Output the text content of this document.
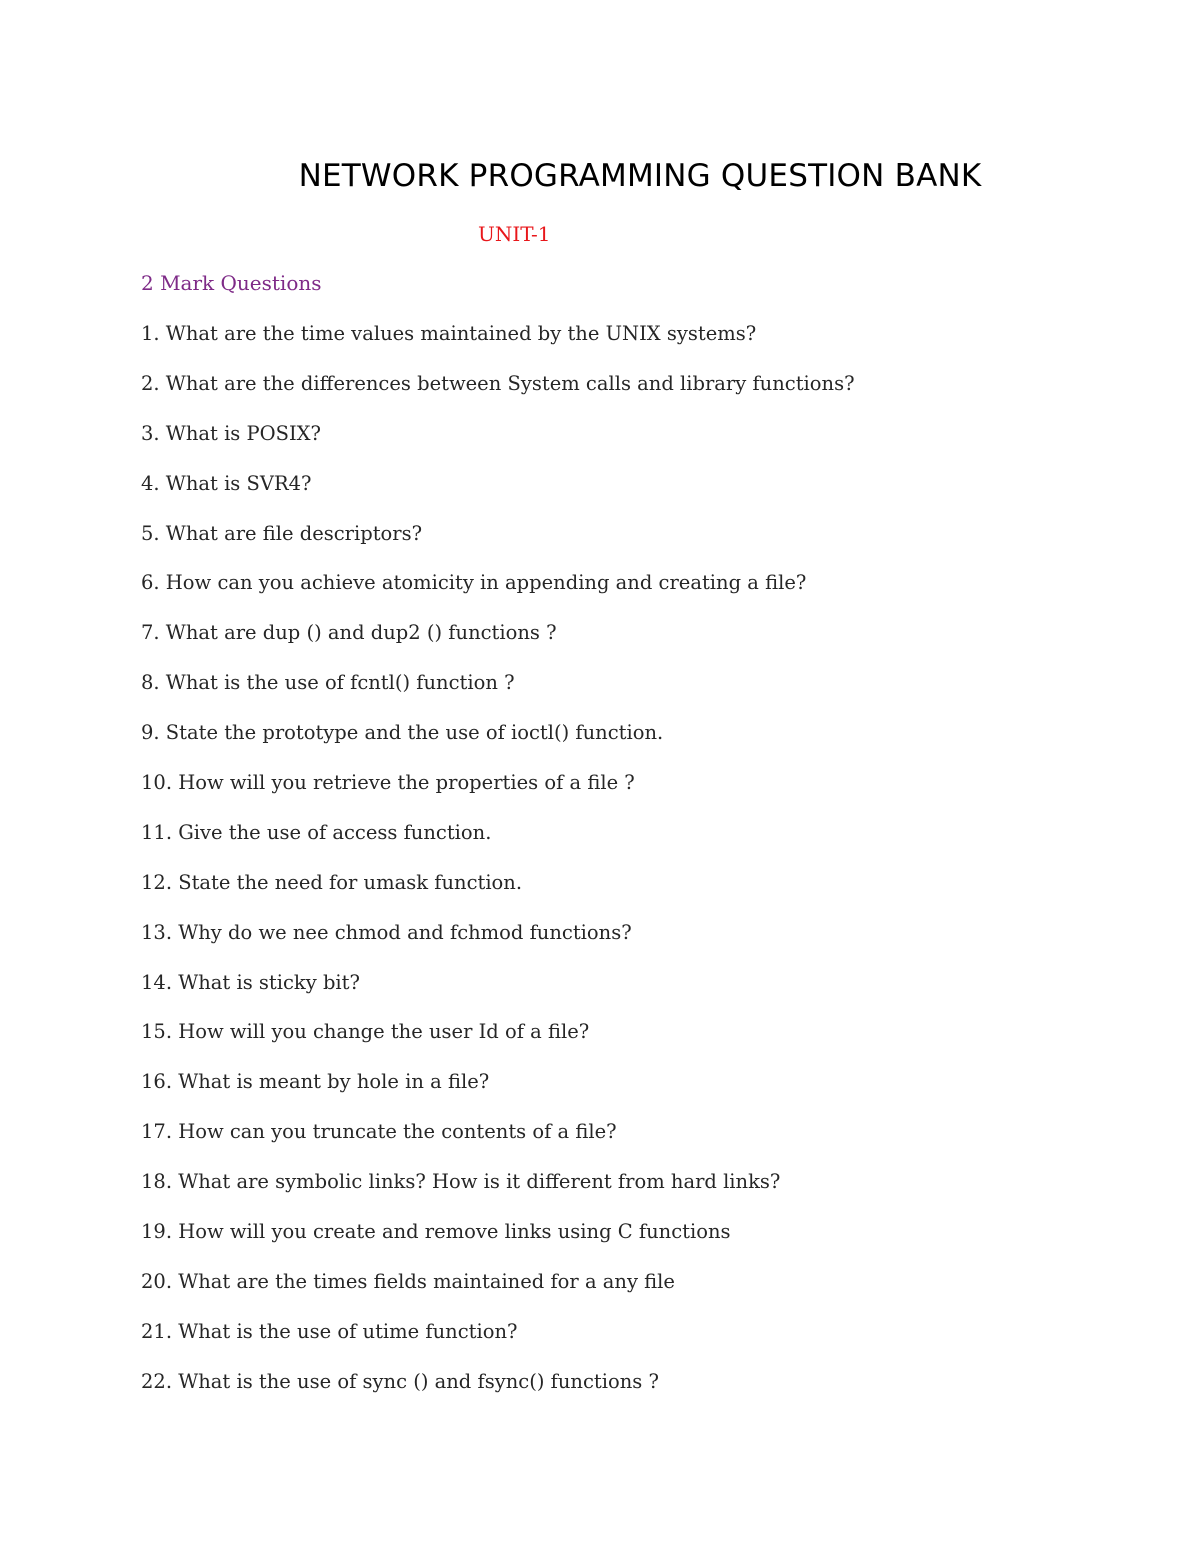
NETWORK PROGRAMMING QUESTION BANK
UNIT-1
2 Mark Questions
1. What are the time values maintained by the UNIX systems?
2. What are the differences between System calls and library functions?
3. What is POSIX?
4. What is SVR4?
5. What are file descriptors?
6. How can you achieve atomicity in appending and creating a file?
7. What are dup () and dup2 () functions ?
8. What is the use of fcntl() function ?
9. State the prototype and the use of ioctl() function.
10. How will you retrieve the properties of a file ?
11. Give the use of access function.
12. State the need for umask function.
13. Why do we nee chmod and fchmod functions?
14. What is sticky bit?
15. How will you change the user Id of a file?
16. What is meant by hole in a file?
17. How can you truncate the contents of a file?
18. What are symbolic links? How is it different from hard links?
19. How will you create and remove links using C functions
20. What are the times fields maintained for a any file
21. What is the use of utime function?
22. What is the use of sync () and fsync() functions ?
